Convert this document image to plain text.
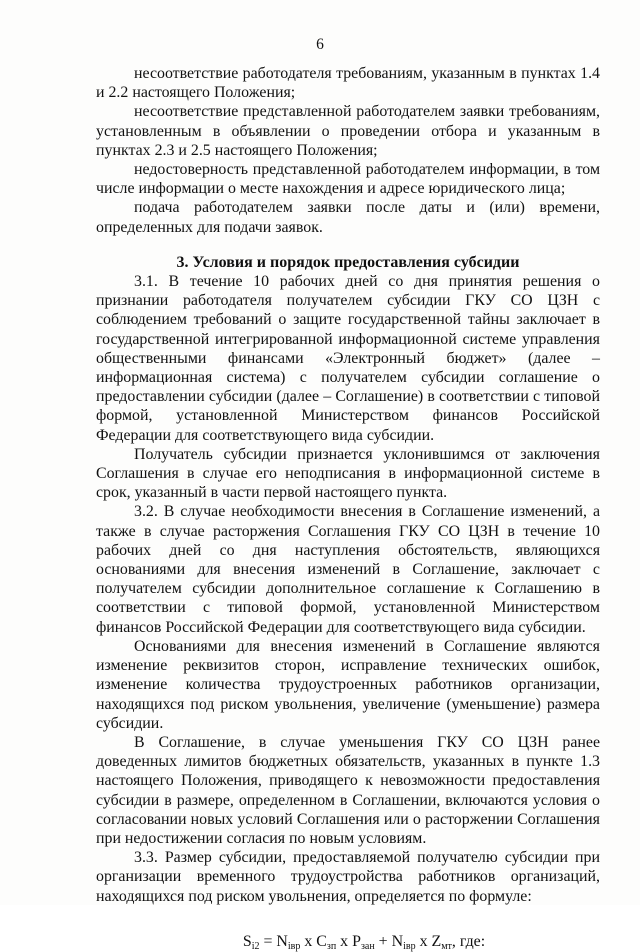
6

несоответствие работодателя требованиям, указанным в пунктах 1.4 и 2.2 настоящего Положения;

несоответствие представленной работодателем заявки требованиям, установленным в объявлении о проведении отбора и указанным в пунктах 2.3 и 2.5 настоящего Положения;

недостоверность представленной работодателем информации, в том числе информации о месте нахождения и адресе юридического лица;

подача работодателем заявки после даты и (или) времени, определенных для подачи заявок.

3. Условия и порядок предоставления субсидии

3.1. В течение 10 рабочих дней со дня принятия решения о признании работодателя получателем субсидии ГКУ СО ЦЗН с соблюдением требований о защите государственной тайны заключает в государственной интегрированной информационной системе управления общественными финансами «Электронный бюджет» (далее – информационная система) с получателем субсидии соглашение о предоставлении субсидии (далее – Соглашение) в соответствии с типовой формой, установленной Министерством финансов Российской Федерации для соответствующего вида субсидии.

Получатель субсидии признается уклонившимся от заключения Соглашения в случае его неподписания в информационной системе в срок, указанный в части первой настоящего пункта.

3.2. В случае необходимости внесения в Соглашение изменений, а также в случае расторжения Соглашения ГКУ СО ЦЗН в течение 10 рабочих дней со дня наступления обстоятельств, являющихся основаниями для внесения изменений в Соглашение, заключает с получателем субсидии дополнительное соглашение к Соглашению в соответствии с типовой формой, установленной Министерством финансов Российской Федерации для соответствующего вида субсидии.

Основаниями для внесения изменений в Соглашение являются изменение реквизитов сторон, исправление технических ошибок, изменение количества трудоустроенных работников организации, находящихся под риском увольнения, увеличение (уменьшение) размера субсидии.

В Соглашение, в случае уменьшения ГКУ СО ЦЗН ранее доведенных лимитов бюджетных обязательств, указанных в пункте 1.3 настоящего Положения, приводящего к невозможности предоставления субсидии в размере, определенном в Соглашении, включаются условия о согласовании новых условий Соглашения или о расторжении Соглашения при недостижении согласия по новым условиям.

3.3. Размер субсидии, предоставляемой получателю субсидии при организации временного трудоустройства работников организаций, находящихся под риском увольнения, определяется по формуле:

$S_{i2} = N_{iвр}$ x $C_{зп}$ x $P_{зан} + N_{iвр}$ x $Z_{мт}$, где:
